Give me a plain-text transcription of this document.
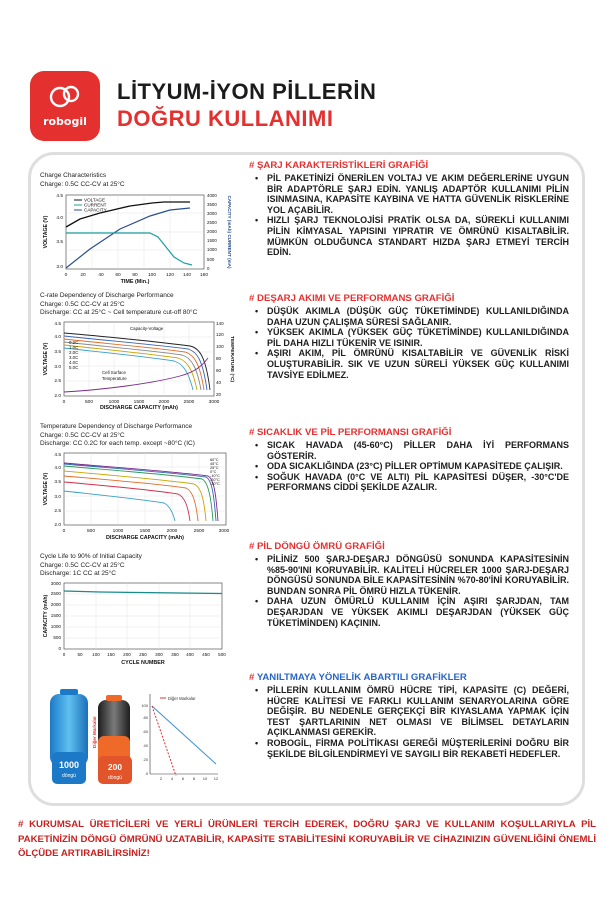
robogil
LİTYUM-İYON PİLLERİN
DOĞRU KULLANIMI
Charge Characteristics
Charge: 0.5C CC-CV at 25°C
VOLTAGE
CURRENT
CAPACITY
0	20	40 60 80 100 120 140 160
TIME (Min.)
3.0
3.5
4.0
4.5
0
500
1000
1500
2000
2500
3000
3500
4000
VOLTAGE (V)	CAPACITY (mAh) CURRENT (mA)
C-rate Dependency of Discharge Performance
Charge: 0.5C CC-CV at 25°C
Discharge: CC at 25°C ~ Cell temperature cut-off 80°C
Capacity-Voltage
Cell Surface
Temperature
0.2C
1.0C
2.0C
3.0C
4.0C
5.0C
0	500	1000	1500	2000	2500	3000
DISCHARGE CAPACITY (mAh)
2.0
2.5
3.0
3.5
4.0
4.5
20
40
60
80
100
120
140
VOLTAGE (V)	TEMPERATURE (°C)
Temperature Dependency of Discharge Performance
Charge: 0.5C CC-CV at 25°C
Discharge: CC 0.2C for each temp. except ~80°C (IC)
60°C
45°C
25°C
0°C
-10°C
-20°C
-30°C
0	500	1000	1500	2000	2500	3000
DISCHARGE CAPACITY (mAh)
2.0
2.5
3.0
3.5
4.0
4.5
VOLTAGE (V)
Cycle Life to 90% of Initial Capacity
Charge: 0.5C CC-CV at 25°C
Discharge: 1C CC at 25°C
0	50 100 150 200 250 300 350 400 450 500
CYCLE NUMBER
0
500
1000
1500
2000
2500
3000
CAPACITY (mAh)
1000
döngü
200
döngü
Diğer Markalar
Diğer Markalar
0
20
40
60
80
100
2 4 6 8 10 12
# ŞARJ KARAKTERİSTİKLERİ GRAFİĞİ
• PİL PAKETİNİZİ ÖNERİLEN VOLTAJ VE AKIM DEĞERLERİNE UYGUN BİR ADAPTÖRLE ŞARJ EDİN. YANLIŞ ADAPTÖR KULLANIMI PİLİN ISINMASINA, KAPASİTE KAYBINA VE HATTA GÜVENLİK RİSKLERİNE YOL AÇABİLİR.
• HIZLI ŞARJ TEKNOLOJİSİ PRATİK OLSA DA, SÜREKLİ KULLANIMI PİLİN KİMYASAL YAPISINI YIPRATIR VE ÖMRÜNÜ KISALTABİLİR. MÜMKÜN OLDUĞUNCA STANDART HIZDA ŞARJ ETMEYİ TERCİH EDİN.
# DEŞARJ AKIMI VE PERFORMANS GRAFİĞİ
• DÜŞÜK AKIMLA (DÜŞÜK GÜÇ TÜKETİMİNDE) KULLANILDIĞINDA DAHA UZUN ÇALIŞMA SÜRESİ SAĞLANIR.
• YÜKSEK AKIMLA (YÜKSEK GÜÇ TÜKETİMİNDE) KULLANILDIĞINDA PİL DAHA HIZLI TÜKENİR VE ISINIR.
• AŞIRI AKIM, PİL ÖMRÜNÜ KISALTABİLİR VE GÜVENLİK RİSKİ OLUŞTURABİLİR. SIK VE UZUN SÜRELİ YÜKSEK GÜÇ KULLANIMI TAVSİYE EDİLMEZ.
# SICAKLIK VE PİL PERFORMANSI GRAFİĞİ
• SICAK HAVADA (45-60°C) PİLLER DAHA İYİ PERFORMANS GÖSTERİR.
• ODA SICAKLIĞINDA (23°C) PİLLER OPTİMUM KAPASİTEDE ÇALIŞIR.
• SOĞUK HAVADA (0°C VE ALTI) PİL KAPASİTESİ DÜŞER, -30°C'DE PERFORMANS CİDDİ ŞEKİLDE AZALIR.
# PİL DÖNGÜ ÖMRÜ GRAFİĞİ
• PİLİNİZ 500 ŞARJ-DEŞARJ DÖNGÜSÜ SONUNDA KAPASİTESİNİN %85-90'INI KORUYABİLİR. KALİTELİ HÜCRELER 1000 ŞARJ-DEŞARJ DÖNGÜSÜ SONUNDA BİLE KAPASİTESİNİN %70-80'İNİ KORUYABİLİR. BUNDAN SONRA PİL ÖMRÜ HIZLA TÜKENİR.
• DAHA UZUN ÖMÜRLÜ KULLANIM İÇİN AŞIRI ŞARJDAN, TAM DEŞARJDAN VE YÜKSEK AKIMLI DEŞARJDAN (YÜKSEK GÜÇ TÜKETİMİNDEN) KAÇININ.
# YANILTMAYA YÖNELİK ABARTILI GRAFİKLER
• PİLLERİN KULLANIM ÖMRÜ HÜCRE TİPİ, KAPASİTE (C) DEĞERİ, HÜCRE KALİTESİ VE FARKLI KULLANIM SENARYOLARINA GÖRE DEĞİŞİR. BU NEDENLE GERÇEKÇİ BİR KIYASLAMA YAPMAK İÇİN TEST ŞARTLARININ NET OLMASI VE BİLİMSEL DETAYLARIN AÇIKLANMASI GEREKİR.
• ROBOGİL, FİRMA POLİTİKASI GEREĞİ MÜŞTERİLERİNİ DOĞRU BİR ŞEKİLDE BİLGİLENDİRMEYİ VE SAYGILI BİR REKABETİ HEDEFLER.
# KURUMSAL ÜRETİCİLERİ VE YERLİ ÜRÜNLERİ TERCİH EDEREK, DOĞRU ŞARJ VE KULLANIM KOŞULLARIYLA PİL PAKETİNİZİN DÖNGÜ ÖMRÜNÜ UZATABİLİR, KAPASİTE STABİLİTESİNİ KORUYABİLİR VE CİHAZINIZIN GÜVENLİĞİNİ ÖNEMLİ ÖLÇÜDE ARTIRABİLİRSİNİZ!
